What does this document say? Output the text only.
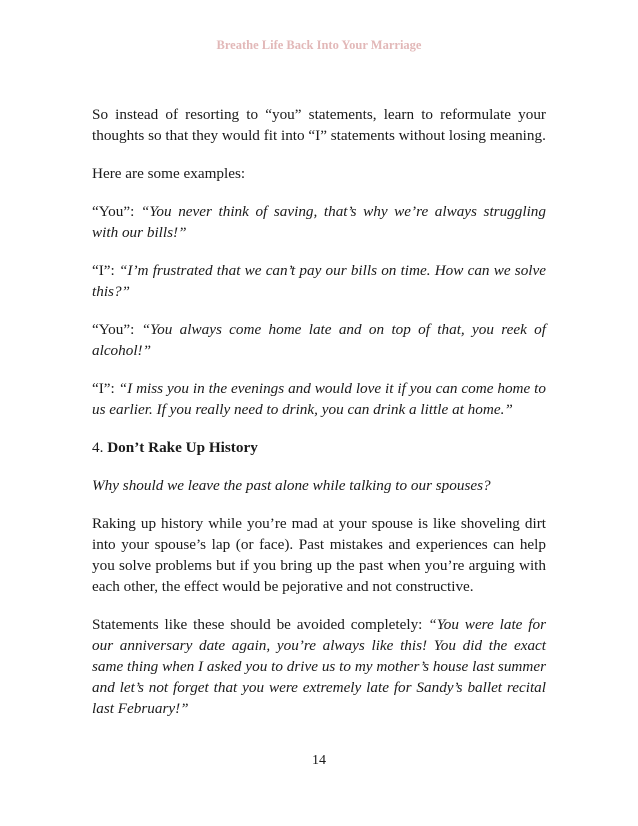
Breathe Life Back Into Your Marriage

So instead of resorting to “you” statements, learn to reformulate your thoughts so that they would fit into “I” statements without losing meaning.

Here are some examples:

“You”: “You never think of saving, that’s why we’re always struggling with our bills!”

“I”: “I’m frustrated that we can’t pay our bills on time. How can we solve this?”

“You”: “You always come home late and on top of that, you reek of alcohol!”

“I”: “I miss you in the evenings and would love it if you can come home to us earlier. If you really need to drink, you can drink a little at home.”

4. Don’t Rake Up History

Why should we leave the past alone while talking to our spouses?

Raking up history while you’re mad at your spouse is like shoveling dirt into your spouse’s lap (or face). Past mistakes and experiences can help you solve problems but if you bring up the past when you’re arguing with each other, the effect would be pejorative and not constructive.

Statements like these should be avoided completely: “You were late for our anniversary date again, you’re always like this! You did the exact same thing when I asked you to drive us to my mother’s house last summer and let’s not forget that you were extremely late for Sandy’s ballet recital last February!”

14
